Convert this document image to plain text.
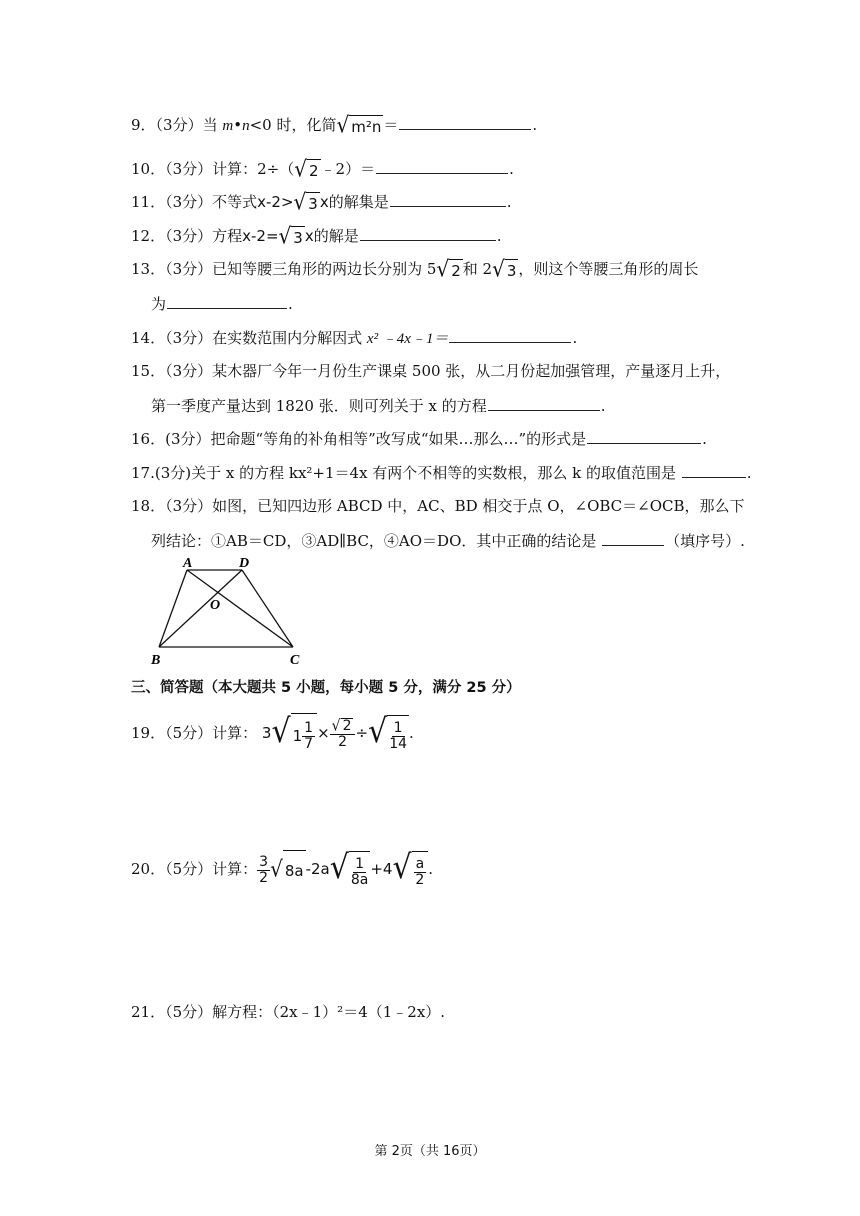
9．（3分）当 m•n<0 时，化简√ m²n ＝	.
10．（3分）计算：2÷（√ 2 ﹣2）＝	.
11．（3分）不等式x-2>√ 3 x的解集是	.
12．（3分）方程x-2=√ 3 x的解是	.
13．（3分）已知等腰三角形的两边长分别为 5√ 2 和 2√ 3 ，则这个等腰三角形的周长
为	.
14．（3分）在实数范围内分解因式 x² ﹣4x﹣1＝	.
15．（3分）某木器厂今年一月份生产课桌 500 张，从二月份起加强管理，产量逐月上升，
第一季度产量达到 1820 张．则可列关于 x 的方程	.
16．(3分）把命题“等角的补角相等”改写成“如果…那么…”的形式是	.
17.(3分)关于 x 的方程 kx²+1＝4x 有两个不相等的实数根，那么 k 的取值范围是	.
18．（3分）如图，已知四边形 ABCD 中，AC、BD 相交于点 O，∠OBC＝∠OCB，那么下
列结论：①AB＝CD，③AD∥BC，④AO＝DO．其中正确的结论是	（填序号）.
A	D
O
B	C
三、简答题（本大题共 5 小题，每小题 5 分，满分 25 分）
19．（5分）计算： 3√ $1 \frac{1}{7} \times \frac{√ 2}{2}$ ÷√ $\frac{1}{14}$ .
20．（5分）计算： $\frac{3}{2}$ √ 8a $-2a√ \frac{1}{8a} +4√ \frac{a}{2}$ .
21．（5分）解方程：（2x﹣1）²＝4（1﹣2x）.
第 2页（共 16页）
